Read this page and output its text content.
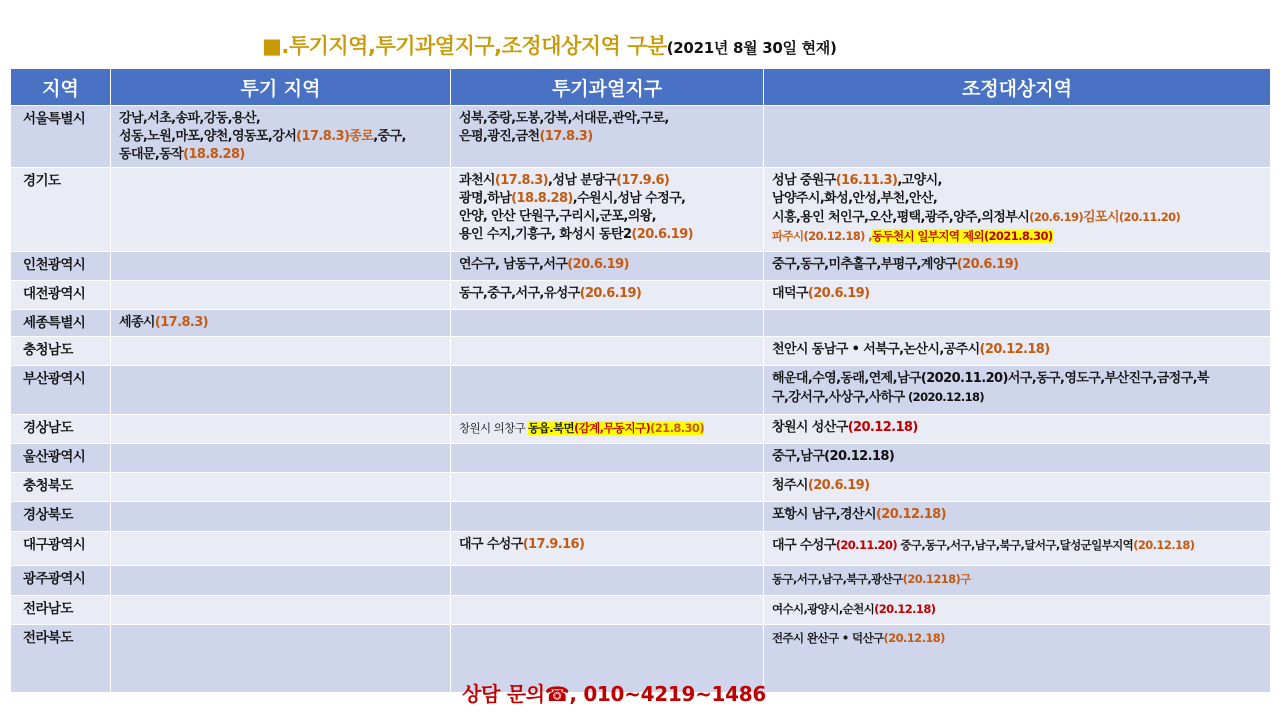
■.투기지역,투기과열지구,조정대상지역 구분(2021년 8월 30일 현재)
지역	투기 지역	투기과열지구	조정대상지역
서울특별시	강남,서초,송파,강동,용산,
성동,노원,마포,양천,영동포,강서(17.8.3)종로,중구,
동대문,동작(18.8.28)	성북,중랑,도봉,강북,서대문,관악,구로,
은평,광진,금천(17.8.3)	
경기도		과천시(17.8.3),성남 분당구(17.9.6)
광명,하남(18.8.28),수원시,성남 수정구,
안양, 안산 단원구,구리시,군포,의왕,
용인 수지,기흥구, 화성시 동탄2(20.6.19)	성남 중원구(16.11.3),고양시,
남양주시,화성,안성,부천,안산,
시흥,용인 처인구,오산,평택,광주,양주,의정부시(20.6.19)김포시(20.11.20)
파주시(20.12.18) ,동두천시 일부지역 제외(2021.8.30)
인천광역시		연수구, 남동구,서구(20.6.19)	중구,동구,미추홀구,부평구,계양구(20.6.19)
대전광역시		동구,중구,서구,유성구(20.6.19)	대덕구(20.6.19)
세종특별시	세종시(17.8.3)		
충청남도			천안시 동남구 • 서북구,논산시,공주시(20.12.18)
부산광역시			해운대,수영,동래,연제,남구(2020.11.20)서구,동구,영도구,부산진구,금정구,북
구,강서구,사상구,사하구 (2020.12.18)
경상남도		창원시 의창구 동읍.북면(감계,무동지구)(21.8.30)	창원시 성산구(20.12.18)
울산광역시			중구,남구(20.12.18)
충청북도			청주시(20.6.19)
경상북도			포항시 남구,경산시(20.12.18)
대구광역시		대구 수성구(17.9.16)	대구 수성구(20.11.20) 중구,동구,서구,남구,북구,달서구,달성군일부지역(20.12.18)
광주광역시			동구,서구,남구,북구,광산구(20.1218)구
전라남도			여수시,광양시,순천시(20.12.18)
전라북도			전주시 완산구 • 덕산구(20.12.18)
상담 문의☎, 010~4219~1486
